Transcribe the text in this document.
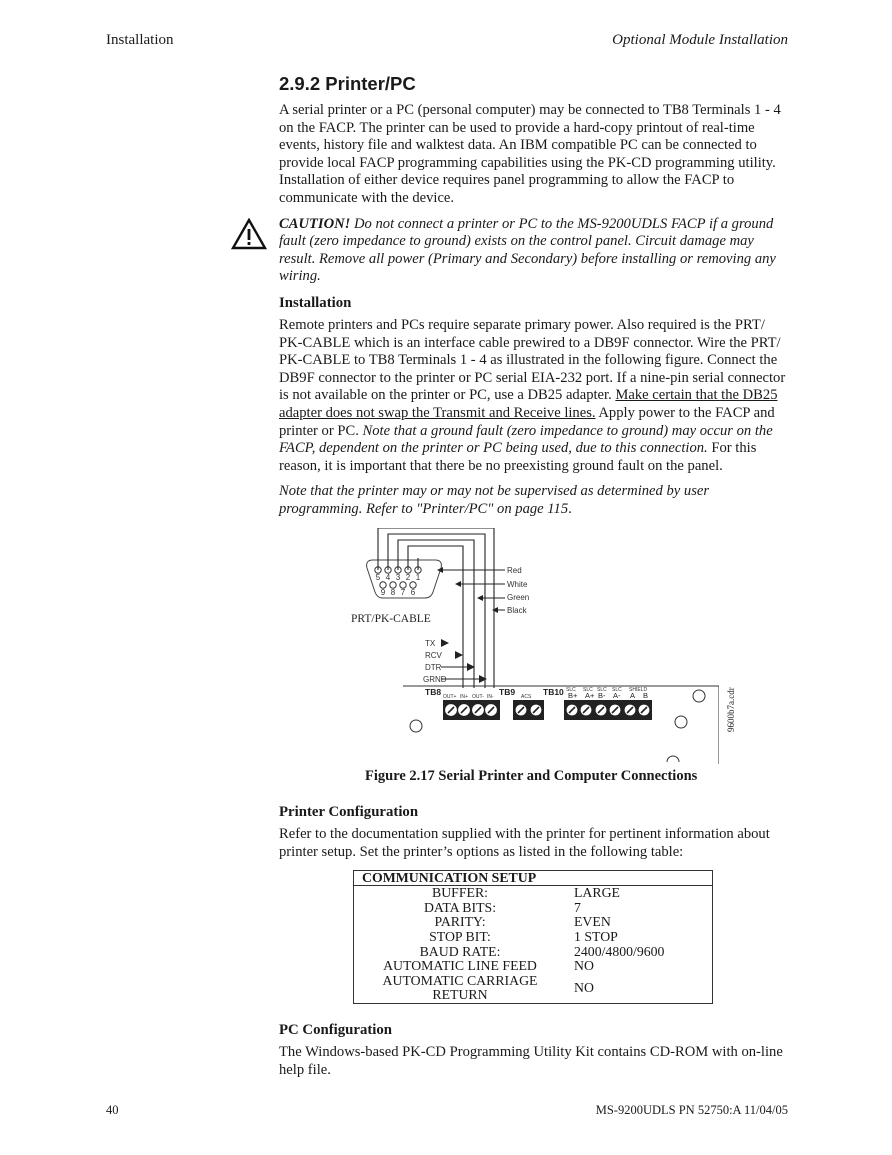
Installation	Optional Module Installation
2.9.2 Printer/PC

A serial printer or a PC (personal computer) may be connected to TB8 Terminals 1 - 4 on the FACP. The printer can be used to provide a hard-copy printout of real-time events, history file and walktest data. An IBM compatible PC can be connected to provide local FACP programming capabilities using the PK-CD programming utility. Installation of either device requires panel programming to allow the FACP to communicate with the device.

CAUTION! Do not connect a printer or PC to the MS-9200UDLS FACP if a ground fault (zero impedance to ground) exists on the control panel. Circuit damage may result. Remove all power (Primary and Secondary) before installing or removing any wiring.
Installation

Remote printers and PCs require separate primary power. Also required is the PRT/ PK-CABLE which is an interface cable prewired to a DB9F connector. Wire the PRT/ PK-CABLE to TB8 Terminals 1 - 4 as illustrated in the following figure. Connect the DB9F connector to the printer or PC serial EIA-232 port. If a nine-pin serial connector is not available on the printer or PC, use a DB25 adapter. Make certain that the DB25 adapter does not swap the Transmit and Receive lines. Apply power to the FACP and printer or PC. Note that a ground fault (zero impedance to ground) may occur on the FACP, dependent on the printer or PC being used, due to this connection. For this reason, it is important that there be no preexisting ground fault on the panel.

Note that the printer may or may not be supervised as determined by user programming. Refer to "Printer/PC" on page 115.

5 4 3 2 1
9 8 7 6
Red
White
Green
Black
PRT/PK-CABLE
TX
RCV
DTR
GRND
TB8 OUT+ IN+ OUT- IN- TB9 ACS TB10 SLC SLC SLC SLC SHIELD
B+ A+ B- A- A B	9600b7a.cdr
Figure 2.17 Serial Printer and Computer Connections
Printer Configuration

Refer to the documentation supplied with the printer for pertinent information about printer setup. Set the printer’s options as listed in the following table:

COMMUNICATION SETUP	
BUFFER:	LARGE
DATA BITS:	7
PARITY:	EVEN
STOP BIT:	1 STOP
BAUD RATE:	2400/4800/9600
AUTOMATIC LINE FEED	NO
AUTOMATIC CARRIAGE RETURN	NO
PC Configuration

The Windows-based PK-CD Programming Utility Kit contains CD-ROM with on-line help file.

40	MS-9200UDLS PN 52750:A 11/04/05
